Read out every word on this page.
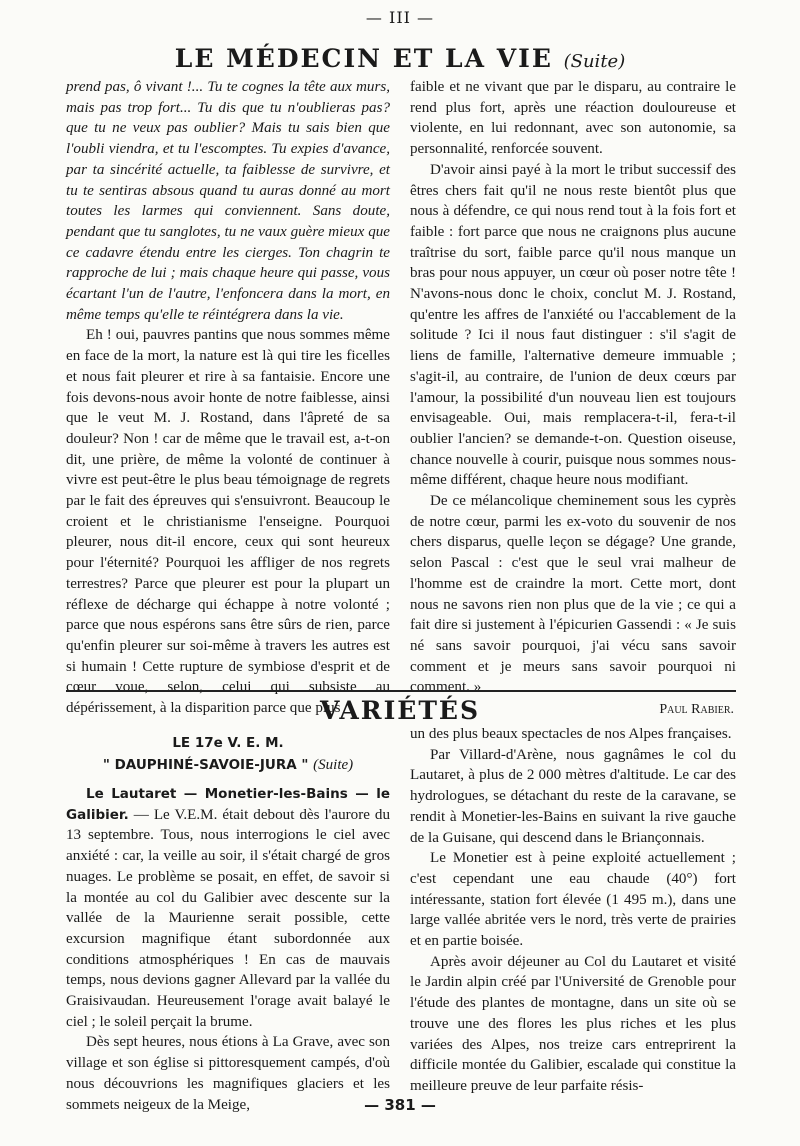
— III —
LE MÉDECIN ET LA VIE (Suite)

prend pas, ô vivant !... Tu te cognes la tête aux murs, mais pas trop fort... Tu dis que tu n'oublieras pas? que tu ne veux pas oublier? Mais tu sais bien que l'oubli viendra, et tu l'escomptes. Tu expies d'avance, par ta sincérité actuelle, ta faiblesse de survivre, et tu te sentiras absous quand tu auras donné au mort toutes les larmes qui conviennent. Sans doute, pendant que tu sanglotes, tu ne vaux guère mieux que ce cadavre étendu entre les cierges. Ton chagrin te rapproche de lui ; mais chaque heure qui passe, vous écartant l'un de l'autre, l'enfoncera dans la mort, en même temps qu'elle te réintégrera dans la vie.

Eh ! oui, pauvres pantins que nous sommes même en face de la mort, la nature est là qui tire les ficelles et nous fait pleurer et rire à sa fantaisie. Encore une fois devons-nous avoir honte de notre faiblesse, ainsi que le veut M. J. Rostand, dans l'âpreté de sa douleur? Non ! car de même que le travail est, a-t-on dit, une prière, de même la volonté de continuer à vivre est peut-être le plus beau témoignage de regrets par le fait des épreuves qui s'ensuivront. Beaucoup le croient et le christianisme l'enseigne. Pourquoi pleurer, nous dit-il encore, ceux qui sont heureux pour l'éternité? Pourquoi les affliger de nos regrets terrestres? Parce que pleurer est pour la plupart un réflexe de décharge qui échappe à notre volonté ; parce que nous espérons sans être sûrs de rien, parce qu'enfin pleurer sur soi-même à travers les autres est si humain ! Cette rupture de symbiose d'esprit et de cœur voue, selon, celui qui subsiste au dépérissement, à la disparition parce que plus

faible et ne vivant que par le disparu, au contraire le rend plus fort, après une réaction douloureuse et violente, en lui redonnant, avec son autonomie, sa personnalité, renforcée souvent.

D'avoir ainsi payé à la mort le tribut successif des êtres chers fait qu'il ne nous reste bientôt plus que nous à défendre, ce qui nous rend tout à la fois fort et faible : fort parce que nous ne craignons plus aucune traîtrise du sort, faible parce qu'il nous manque un bras pour nous appuyer, un cœur où poser notre tête ! N'avons-nous donc le choix, conclut M. J. Rostand, qu'entre les affres de l'anxiété ou l'accablement de la solitude ? Ici il nous faut distinguer : s'il s'agit de liens de famille, l'alternative demeure immuable ; s'agit-il, au contraire, de l'union de deux cœurs par l'amour, la possibilité d'un nouveau lien est toujours envisageable. Oui, mais remplacera-t-il, fera-t-il oublier l'ancien? se demande-t-on. Question oiseuse, chance nouvelle à courir, puisque nous sommes nous-même différent, chaque heure nous modifiant.

De ce mélancolique cheminement sous les cyprès de notre cœur, parmi les ex-voto du souvenir de nos chers disparus, quelle leçon se dégage? Une grande, selon Pascal : c'est que le seul vrai malheur de l'homme est de craindre la mort. Cette mort, dont nous ne savons rien non plus que de la vie ; ce qui a fait dire si justement à l'épicurien Gassendi : « Je suis né sans savoir pourquoi, j'ai vécu sans savoir comment et je meurs sans savoir pourquoi ni comment. »

Paul Rabier.
VARIÉTÉS
LE 17e V. E. M.
" DAUPHINÉ-SAVOIE-JURA " (Suite)

Le Lautaret — Monetier-les-Bains — le Galibier. — Le V.E.M. était debout dès l'aurore du 13 septembre. Tous, nous interrogions le ciel avec anxiété : car, la veille au soir, il s'était chargé de gros nuages. Le problème se posait, en effet, de savoir si la montée au col du Galibier avec descente sur la vallée de la Maurienne serait possible, cette excursion magnifique étant subordonnée aux conditions atmosphériques ! En cas de mauvais temps, nous devions gagner Allevard par la vallée du Graisivaudan. Heureusement l'orage avait balayé le ciel ; le soleil perçait la brume.

Dès sept heures, nous étions à La Grave, avec son village et son église si pittoresquement campés, d'où nous découvrions les magnifiques glaciers et les sommets neigeux de la Meige,

un des plus beaux spectacles de nos Alpes françaises.

Par Villard-d'Arène, nous gagnâmes le col du Lautaret, à plus de 2 000 mètres d'altitude. Le car des hydrologues, se détachant du reste de la caravane, se rendit à Monetier-les-Bains en suivant la rive gauche de la Guisane, qui descend dans le Briançonnais.

Le Monetier est à peine exploité actuellement ; c'est cependant une eau chaude (40°) fort intéressante, station fort élevée (1 495 m.), dans une large vallée abritée vers le nord, très verte de prairies et en partie boisée.

Après avoir déjeuner au Col du Lautaret et visité le Jardin alpin créé par l'Université de Grenoble pour l'étude des plantes de montagne, dans un site où se trouve une des flores les plus riches et les plus variées des Alpes, nos treize cars entreprirent la difficile montée du Galibier, escalade qui constitue la meilleure preuve de leur parfaite résis-

— 381 —
